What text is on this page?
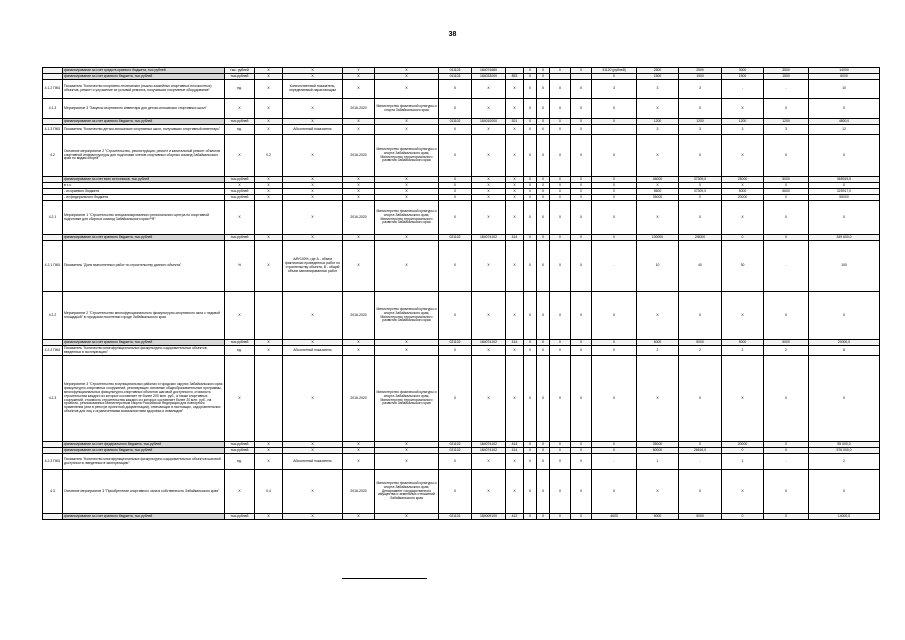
38
	финансирование за счет средств краевого бюджета, тыс рублей	тыс. рублей	X	X	Y	X	011103	184074680		X	X	0	0	31120 (рублей)	2500	2500	3000	3500	14000
	финансирование за счет краевого бюджета, тыс.рублей	тыс.рублей	X	X	X	X	011103	184033000	853	X	X			0	1500	1500	1500	1500	6000
4.1.2 ПМ1	Показатель "Количество спортивно-технических (лыжно-хоккейных спортивных плоскостных) объектов, ремонт и улучшение их условий ремонта, получивших спортивное оборудование"	ед.	X	Количественный показатель, определяемый нарастающим	X	X	X	X	X	X	X	X	X	3	3	3	-	-	10
4.1.3	Мероприятие 3 "Закупка спортивного инвентаря для детско-юношеских спортивных школ"	X	X	X	2016-2020	Министерство физической культуры и спорта Забайкальского края	X	X	X	X	X	X	X	X	X	X	X	X	X
	финансирование за счет краевого бюджета, тыс.рублей	тыс.рублей	X	X	X	X	011102	184010000	521	X	X	0	0	0	1200	1200	1200	1200	4800,0
4.1.3 ПМ1	Показатель "Количество детско-юношеских спортивных школ, получивших спортивный инвентарь"	ед.	X	Абсолютный показатель	X	X	X	X	X	X	X	X	X	-	3	3	3	3	12
4.2	Основное мероприятие 2 "Строительство, реконструкция, ремонт и капитальный ремонт объектов спортивной инфраструктуры для подготовки членов спортивных сборных команд Забайкальского края по видам спорта"	X	0,2	X	2016-2020	Министерство физической культуры и спорта Забайкальского края, Министерство территориального развития Забайкальского края	X	X	X	X	X	X	X	X	X	X	X	X	X
	финансирование за счет всех источников, тыс.рублей	тыс.рублей	X	X	X	X	X	X	X	X	X	0	0	0	46000	37309,0	25000	5000	365919,5
	в т.ч.	X	X	X	X	X	X	X	X	X	X	X	X	X	X	X	X	X	X
	- из краевого бюджета	тыс.рублей	X	X	X	X	X	X	X	X	X	0	0	0	5600	37309,0	5000	5600	325917,0
	- из федерального бюджета	тыс.рублей	X	X	X	X	X	X	X	X	X	0	0	0	35000	0	20000	0	55000
4.2.1	Мероприятие 1 "Строительство специализированного регионального центра по спортивной подготовке для сборных команд Забайкальского края РФ"	X		X	2016-2020	Министерство физической культуры и спорта Забайкальского края, Министерство территориального развития Забайкальского края	X	X	X	X	X	X	X	X	X	X	X	X	X
	финансирование за счет краевого бюджета, тыс.рублей	тыс.рублей	X	X	X	X	021102	184074102	414	X	X	0	0	0	100000	2/6000	0	0	349 600,0
4.2.1 ПМ1	Показатель "Доля выполненных работ по строительству данного объекта"	%	X	А/В*100%, где А - объем фактически проведенных работ по строительству объекта, В - общий объем запланированных работ	X	X	X	X	X	X	X	X	X	-	10	40	30	-	100
4.2.2	Мероприятие 2 "Строительство многофункционального физкультурно-спортивного зала с ледовой площадкой" в городском поселении городе Забайкальского края	X		X	2016-2020	Министерство физической культуры и спорта Забайкальского края, Министерство территориального развития Забайкальского края	X	X	X	X	X	X	X	X	X	X	X	X	X
	финансирование за счет краевого бюджета, тыс.рублей	тыс.рублей	X	X	X	X	021102	184074102	414	X	X	0	0	0	6000	5000	5000	5000	20000,0
4.2.2 ПМ1	Показатель "Количество многофункциональных физкультурно-оздоровительных объектов, введенных в эксплуатацию"	ед.	X	Абсолютный показатель	X	X	X	X	X	X	X	X	X	0	2	2	2	2	8
4.2.3	Мероприятие 3 "Строительство в муниципальных районах и городских округах Забайкальского края физкультурно-спортивных сооружений, реализующих основные общеобразовательные программы, многофункциональных физкультурно-спортивных объектов шаговой доступности, стоимость строительства каждого из которых составляет не более 200 млн. руб., а также спортивных сооружений, стоимость строительства каждого из которых составляет более 20 млн. руб., на проектах, реализованных Министерством спорта Российской Федерации для повторного применения (или в реестре проектной документации), отвечающих в настоящих, оздоровительных объектов для лиц с ограниченными возможностями здоровья и инвалидов"	X		X	2016-2020	Министерство физической культуры и спорта Забайкальского края, Министерство территориального развития Забайкальского края	X	X	X	X	X	X	X	X	X	X	X	X	X
	финансирование за счет федерального бюджета, тыс.рублей	тыс.рублей	X	X	X	X	021102	184074102	414	X	X	0	0	0	35000	0	20000	0	55 000,0
	финансирование за счет краевого бюджета, тыс.рублей	тыс.рублей	X	X	X	X	021102	184074102	414	X	X	0	0	0	60000	26616,0	0	0	576 000,0
4.2.3 ПМ1	Показатель "Количество многофункциональных физкультурно-оздоровительных объектов шаговой доступности, введенных в эксплуатацию"	ед.	X	Абсолютный показатель	X	X	X	X	X	X	X	X	X	-	1	-	1	-	2
4.3	Основное мероприятие 3 "Приобретение спортивного зала в собственность Забайкальского края"	X	0,4	X	2016-2020	Министерство физической культуры и спорта Забайкальского края, Департамент государственного имущества и земельных отношений Забайкальского края	X	X	X	X	X	X	X	X	X	X	X	X	X
	финансирование за счет краевого бюджета, тыс.рублей	тыс.рублей	X	X	X	X	021101	184009100	412	X	X	0	0	4600	5000	5000	0	0	14000,0
